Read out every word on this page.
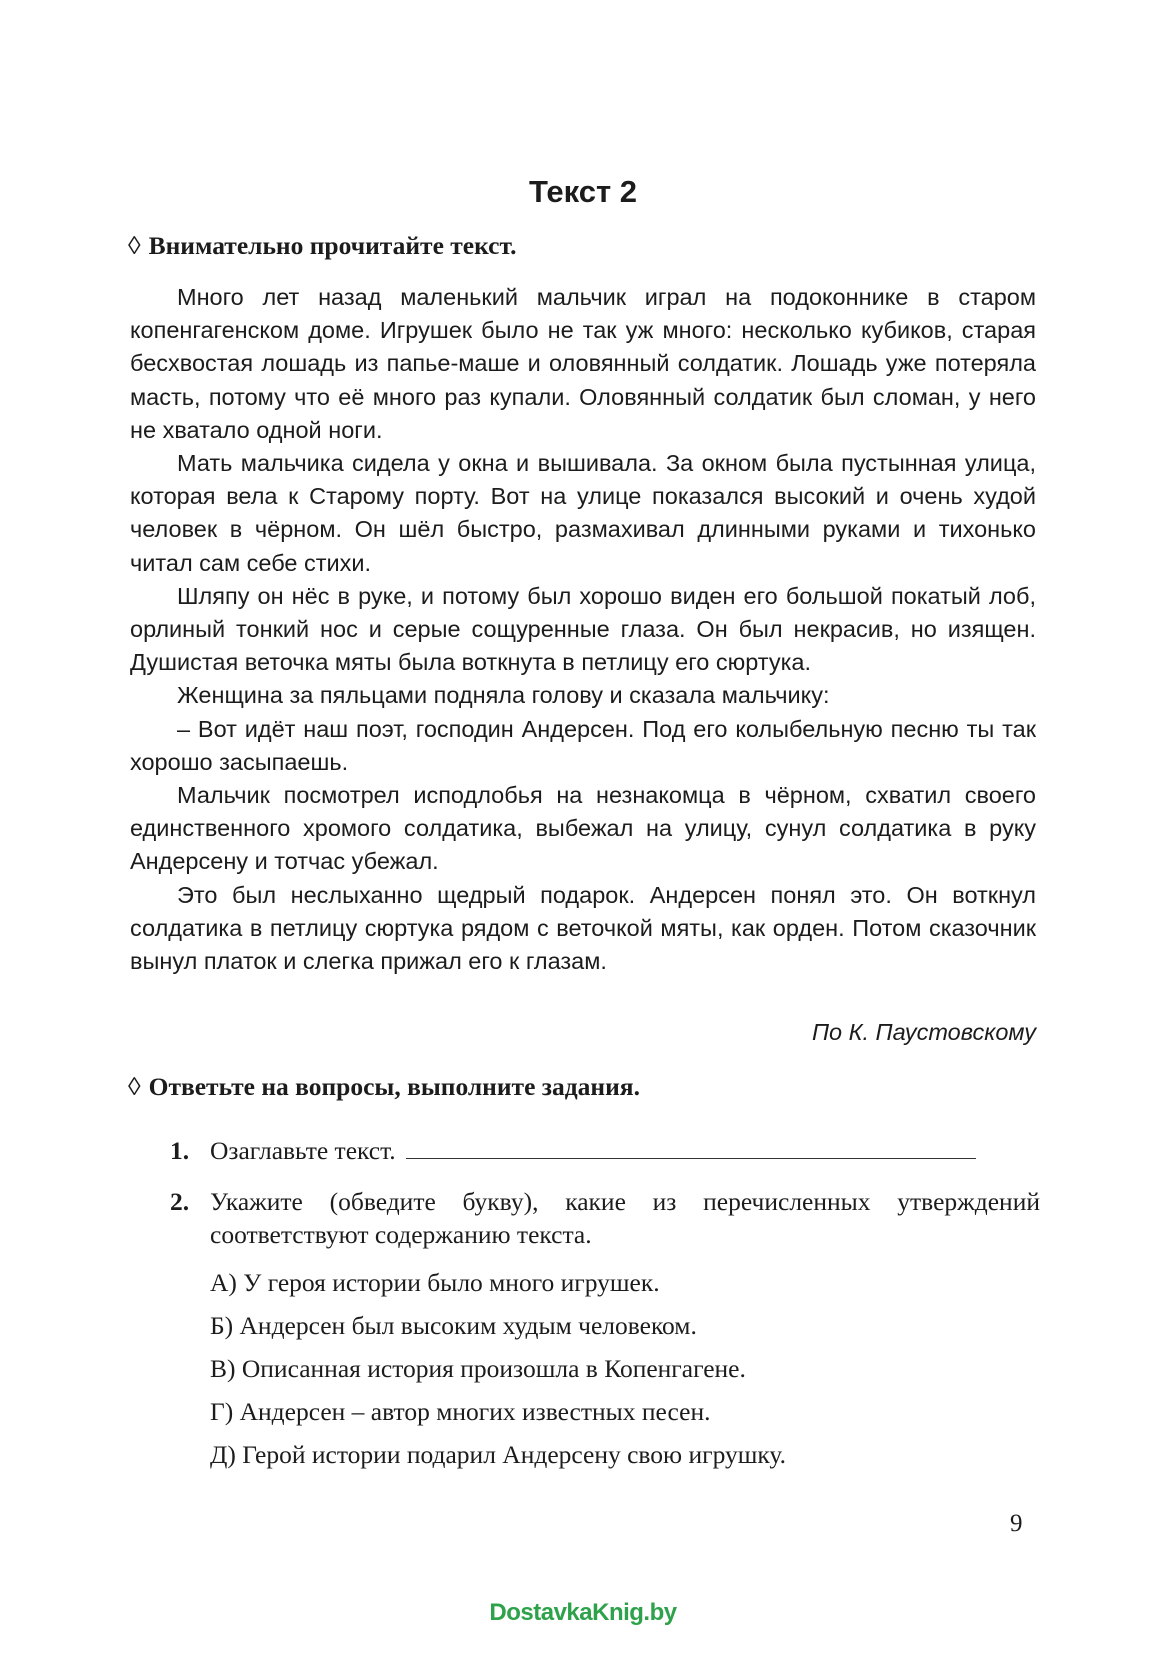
Текст 2
◊ Внимательно прочитайте текст.

Много лет назад маленький мальчик играл на подоконнике в старом копенгагенском доме. Игрушек было не так уж много: несколько кубиков, старая бесхвостая лошадь из папье-маше и оловянный солдатик. Лошадь уже потеряла масть, потому что её много раз купали. Оловянный солдатик был сломан, у него не хватало одной ноги.

Мать мальчика сидела у окна и вышивала. За окном была пустынная улица, которая вела к Старому порту. Вот на улице показался высокий и очень худой человек в чёрном. Он шёл быстро, размахивал длинными руками и тихонько читал сам себе стихи.

Шляпу он нёс в руке, и потому был хорошо виден его большой покатый лоб, орлиный тонкий нос и серые сощуренные глаза. Он был некрасив, но изящен. Душистая веточка мяты была воткнута в петлицу его сюртука.

Женщина за пяльцами подняла голову и сказала мальчику:

– Вот идёт наш поэт, господин Андерсен. Под его колыбельную песню ты так хорошо засыпаешь.

Мальчик посмотрел исподлобья на незнакомца в чёрном, схватил своего единственного хромого солдатика, выбежал на улицу, сунул солдатика в руку Андерсену и тотчас убежал.

Это был неслыханно щедрый подарок. Андерсен понял это. Он воткнул солдатика в петлицу сюртука рядом с веточкой мяты, как орден. Потом сказочник вынул платок и слегка прижал его к глазам.

По К. Паустовскому
◊ Ответьте на вопросы, выполните задания.
1. Озаглавьте текст.
2. Укажите (обведите букву), какие из перечисленных утверждений соответствуют содержанию текста.
А) У героя истории было много игрушек.
Б) Андерсен был высоким худым человеком.
В) Описанная история произошла в Копенгагене.
Г) Андерсен – автор многих известных песен.
Д) Герой истории подарил Андерсену свою игрушку.
9
DostavkaKnig.by
